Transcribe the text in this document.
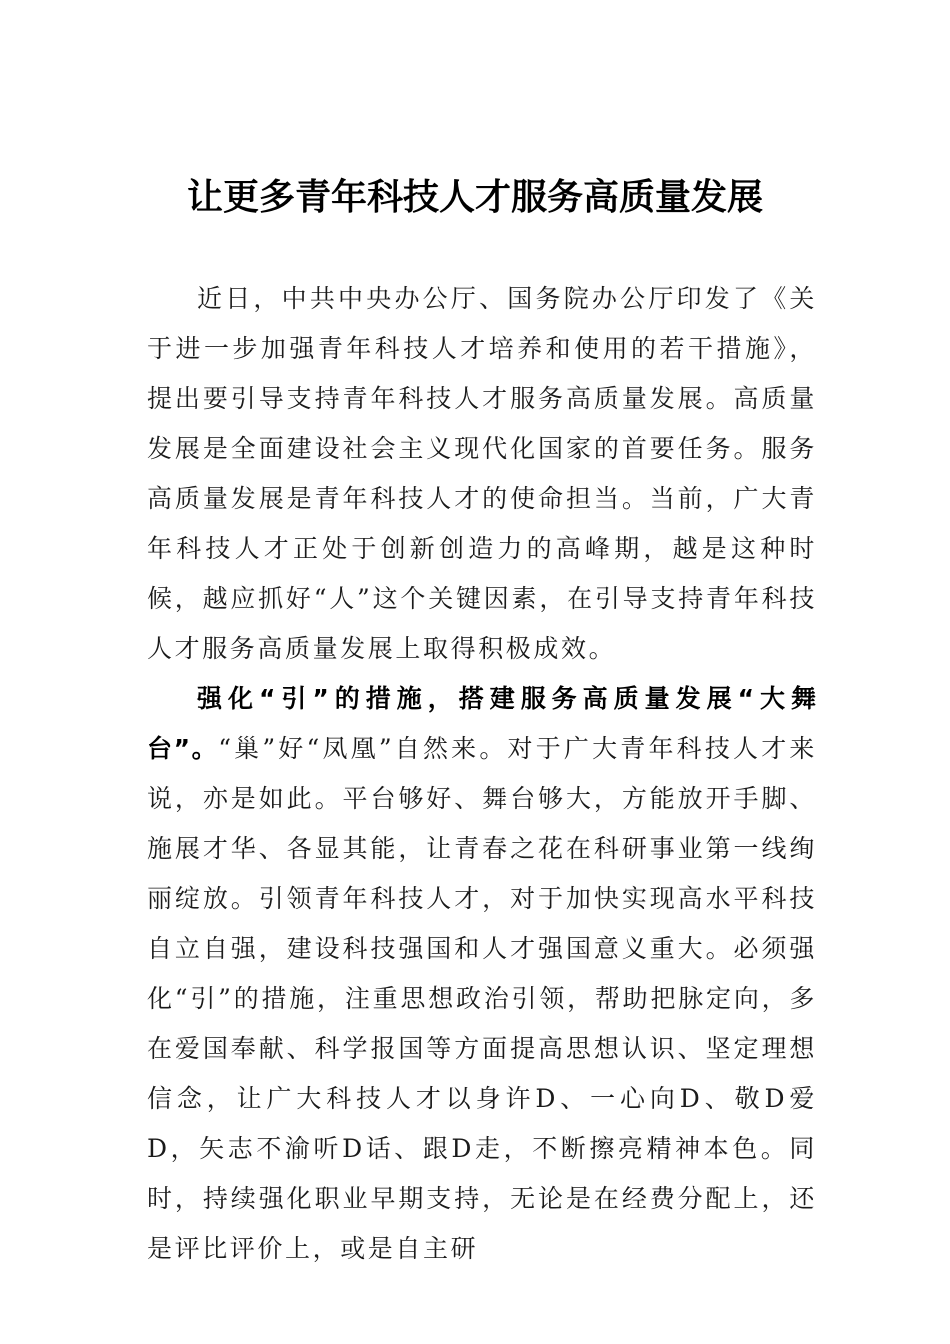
让更多青年科技人才服务高质量发展

近日，中共中央办公厅、国务院办公厅印发了《关于进一步加强青年科技人才培养和使用的若干措施》，提出要引导支持青年科技人才服务高质量发展。高质量发展是全面建设社会主义现代化国家的首要任务。服务高质量发展是青年科技人才的使命担当。当前，广大青年科技人才正处于创新创造力的高峰期，越是这种时候，越应抓好“人”这个关键因素，在引导支持青年科技人才服务高质量发展上取得积极成效。

强化“引”的措施，搭建服务高质量发展“大舞台”。“巢”好“凤凰”自然来。对于广大青年科技人才来说，亦是如此。平台够好、舞台够大，方能放开手脚、施展才华、各显其能，让青春之花在科研事业第一线绚丽绽放。引领青年科技人才，对于加快实现高水平科技自立自强，建设科技强国和人才强国意义重大。必须强化“引”的措施，注重思想政治引领，帮助把脉定向，多在爱国奉献、科学报国等方面提高思想认识、坚定理想信念，让广大科技人才以身许D、一心向D、敬D爱D，矢志不渝听D话、跟D走，不断擦亮精神本色。同时，持续强化职业早期支持，无论是在经费分配上，还是评比评价上，或是自主研
